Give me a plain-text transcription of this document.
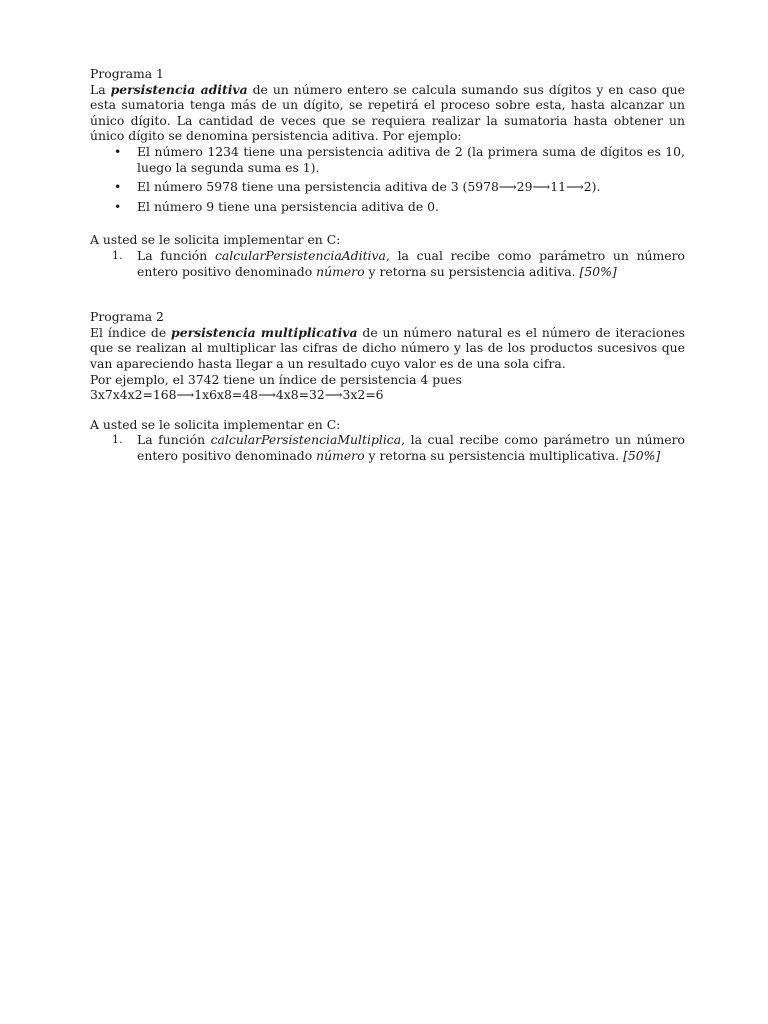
Programa 1

La persistencia aditiva de un número entero se calcula sumando sus dígitos y en caso que esta sumatoria tenga más de un dígito, se repetirá el proceso sobre esta, hasta alcanzar un único dígito. La cantidad de veces que se requiera realizar la sumatoria hasta obtener un único dígito se denomina persistencia aditiva. Por ejemplo:

• El número 1234 tiene una persistencia aditiva de 2 (la primera suma de dígitos es 10, luego la segunda suma es 1).
• El número 5978 tiene una persistencia aditiva de 3 (5978⟶29⟶11⟶2).
• El número 9 tiene una persistencia aditiva de 0.

A usted se le solicita implementar en C:

1. La función calcularPersistenciaAditiva, la cual recibe como parámetro un número entero positivo denominado número y retorna su persistencia aditiva. [50%]

Programa 2

El índice de persistencia multiplicativa de un número natural es el número de iteraciones que se realizan al multiplicar las cifras de dicho número y las de los productos sucesivos que van apareciendo hasta llegar a un resultado cuyo valor es de una sola cifra.

Por ejemplo, el 3742 tiene un índice de persistencia 4 pues

3x7x4x2=168⟶1x6x8=48⟶4x8=32⟶3x2=6

A usted se le solicita implementar en C:

1. La función calcularPersistenciaMultiplica, la cual recibe como parámetro un número entero positivo denominado número y retorna su persistencia multiplicativa. [50%]
